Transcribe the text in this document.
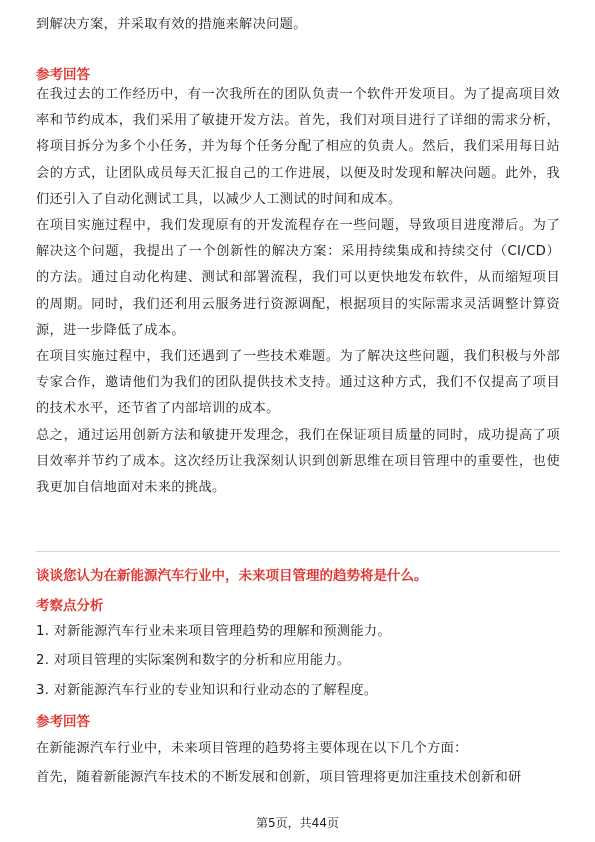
到解决方案，并采取有效的措施来解决问题。

参考回答

在我过去的工作经历中，有一次我所在的团队负责一个软件开发项目。为了提高项目效率和节约成本，我们采用了敏捷开发方法。首先，我们对项目进行了详细的需求分析，将项目拆分为多个小任务，并为每个任务分配了相应的负责人。然后，我们采用每日站会的方式，让团队成员每天汇报自己的工作进展，以便及时发现和解决问题。此外，我们还引入了自动化测试工具，以减少人工测试的时间和成本。

在项目实施过程中，我们发现原有的开发流程存在一些问题，导致项目进度滞后。为了解决这个问题，我提出了一个创新性的解决方案：采用持续集成和持续交付（CI/CD）的方法。通过自动化构建、测试和部署流程，我们可以更快地发布软件，从而缩短项目的周期。同时，我们还利用云服务进行资源调配，根据项目的实际需求灵活调整计算资源，进一步降低了成本。

在项目实施过程中，我们还遇到了一些技术难题。为了解决这些问题，我们积极与外部专家合作，邀请他们为我们的团队提供技术支持。通过这种方式，我们不仅提高了项目的技术水平，还节省了内部培训的成本。

总之，通过运用创新方法和敏捷开发理念，我们在保证项目质量的同时，成功提高了项目效率并节约了成本。这次经历让我深刻认识到创新思维在项目管理中的重要性，也使我更加自信地面对未来的挑战。

谈谈您认为在新能源汽车行业中，未来项目管理的趋势将是什么。

考察点分析

1. 对新能源汽车行业未来项目管理趋势的理解和预测能力。

2. 对项目管理的实际案例和数字的分析和应用能力。

3. 对新能源汽车行业的专业知识和行业动态的了解程度。

参考回答

在新能源汽车行业中，未来项目管理的趋势将主要体现在以下几个方面：

首先，随着新能源汽车技术的不断发展和创新，项目管理将更加注重技术创新和研

第5页，共44页
